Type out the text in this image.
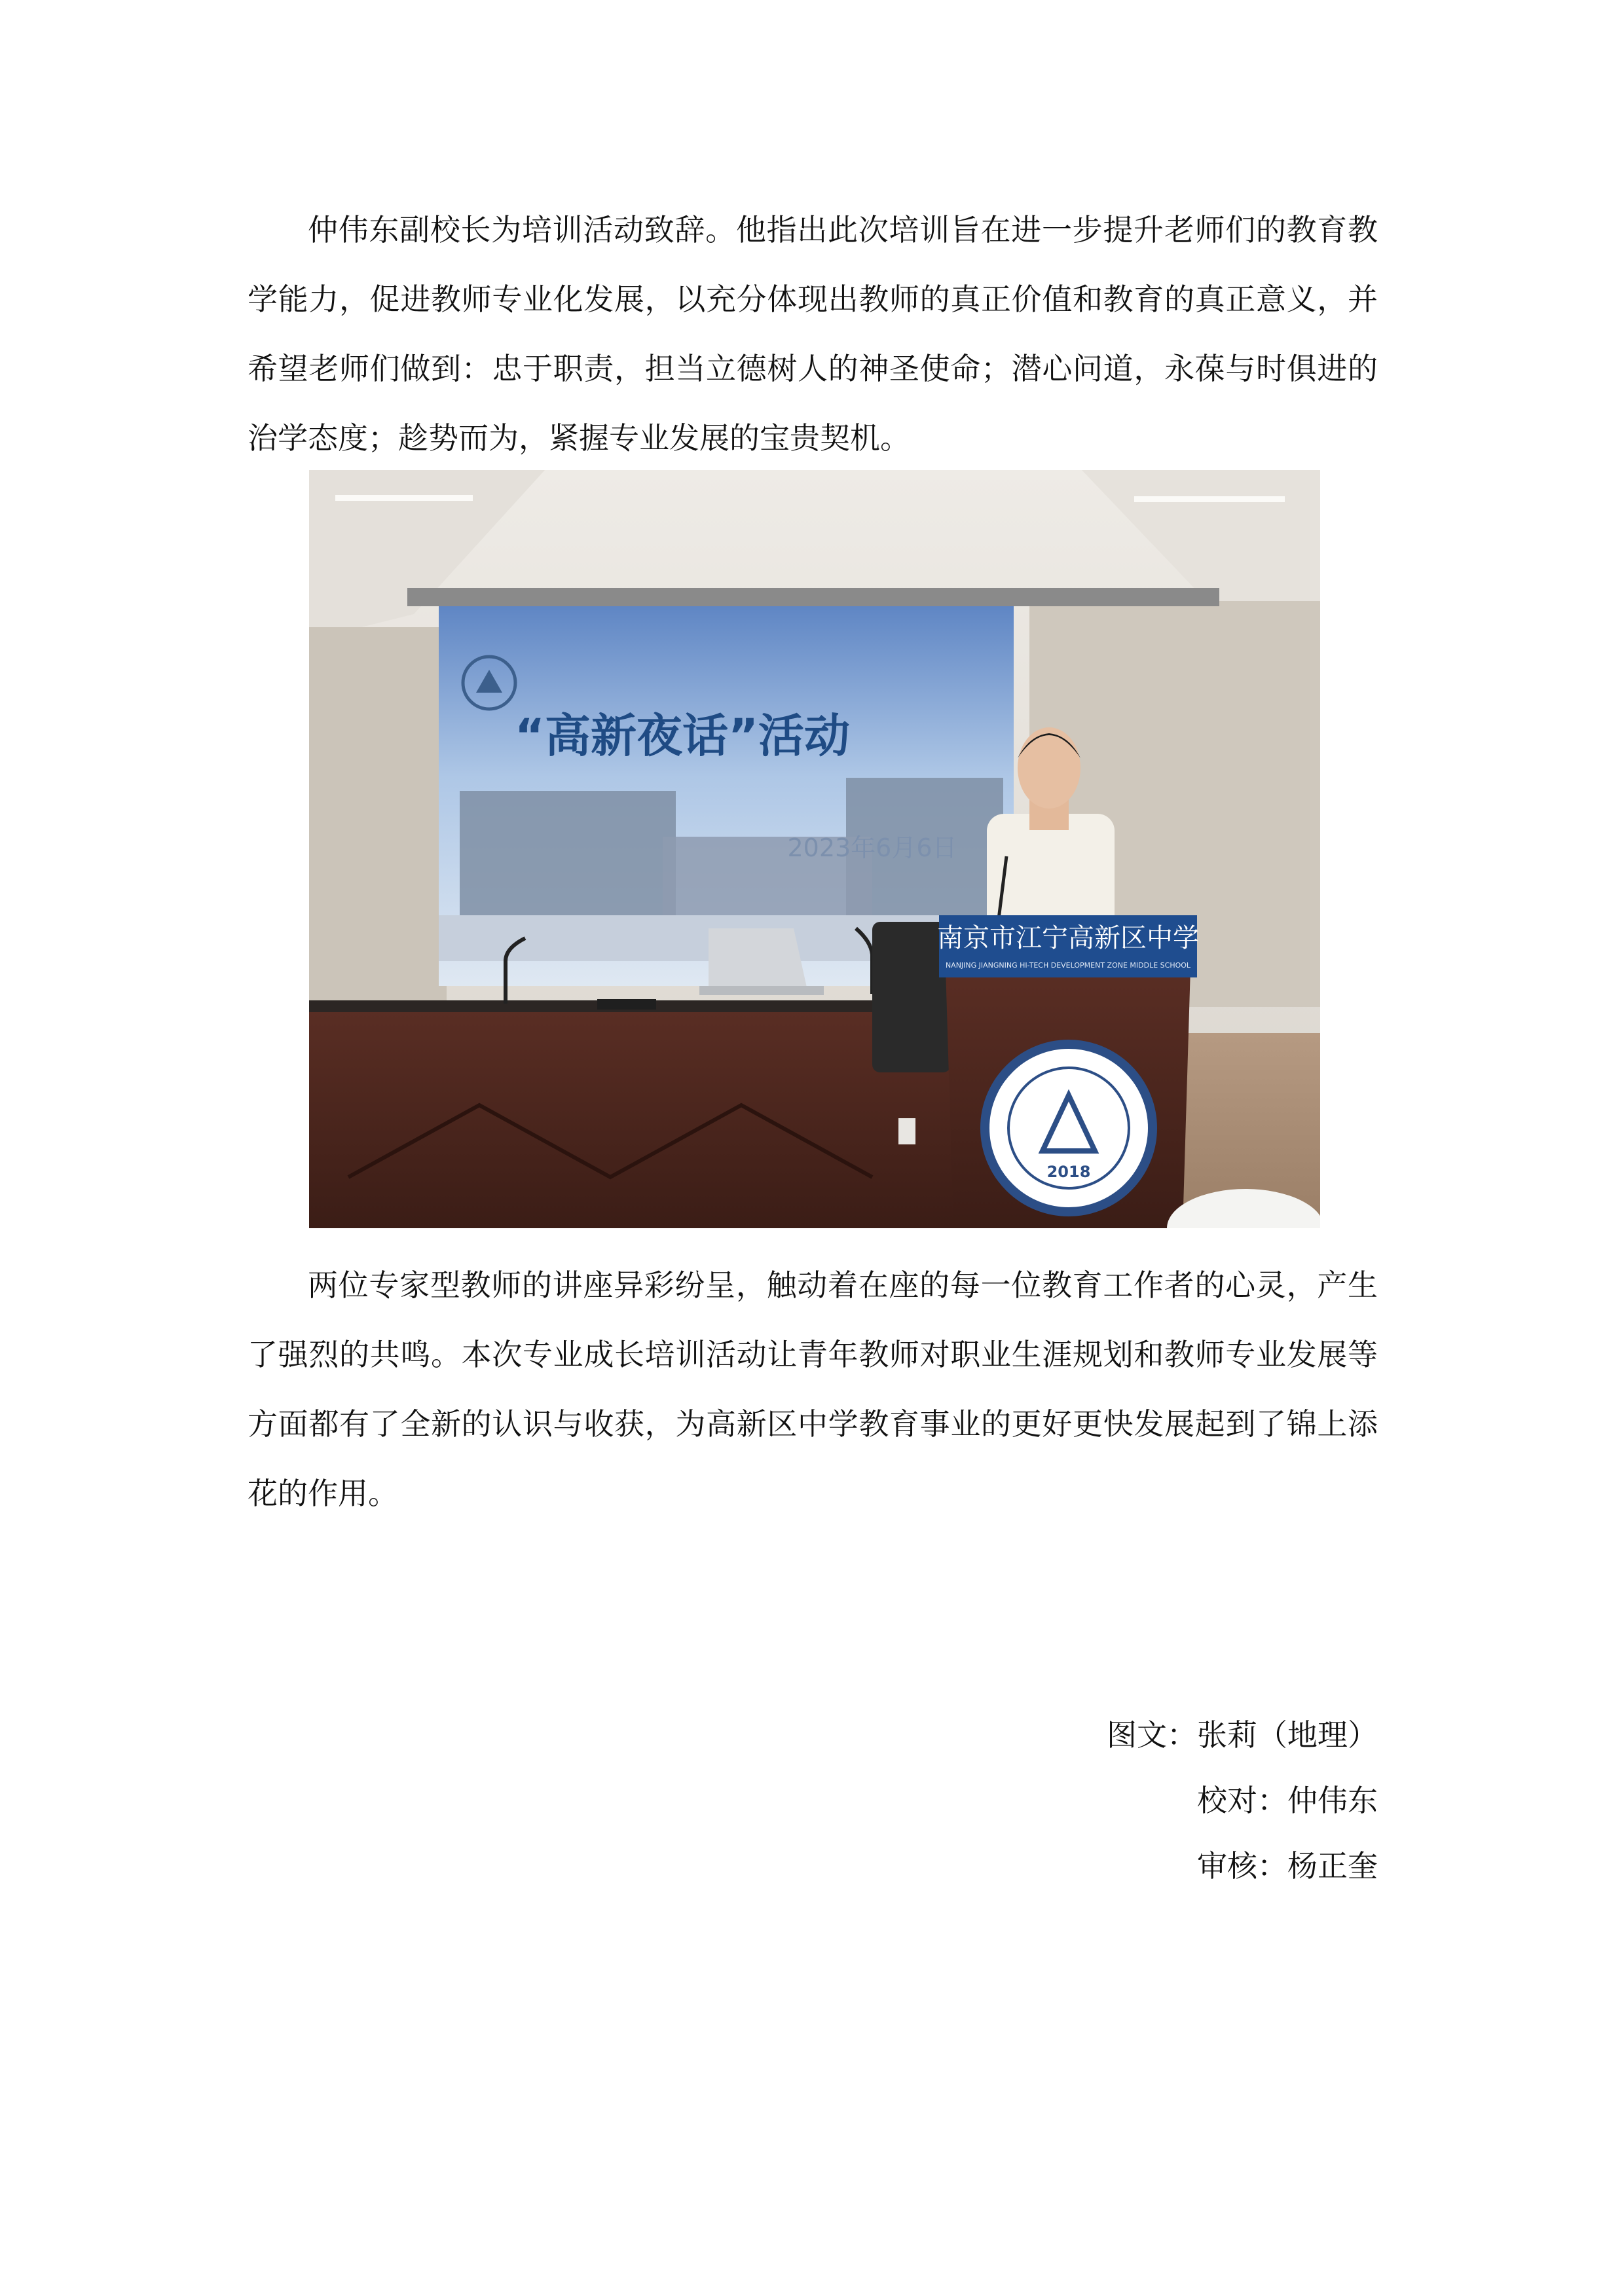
仲伟东副校长为培训活动致辞。他指出此次培训旨在进一步提升老师们的教育教学能力，促进教师专业化发展，以充分体现出教师的真正价值和教育的真正意义，并希望老师们做到：忠于职责，担当立德树人的神圣使命；潜心问道，永葆与时俱进的治学态度；趁势而为，紧握专业发展的宝贵契机。

“高新夜话”活动
2023年6月6日
南京市江宁高新区中学
NANJING JIANGNING HI-TECH DEVELOPMENT ZONE MIDDLE SCHOOL
2018

两位专家型教师的讲座异彩纷呈，触动着在座的每一位教育工作者的心灵，产生了强烈的共鸣。本次专业成长培训活动让青年教师对职业生涯规划和教师专业发展等方面都有了全新的认识与收获，为高新区中学教育事业的更好更快发展起到了锦上添花的作用。

图文：张莉（地理）
校对：仲伟东
审核：杨正奎
